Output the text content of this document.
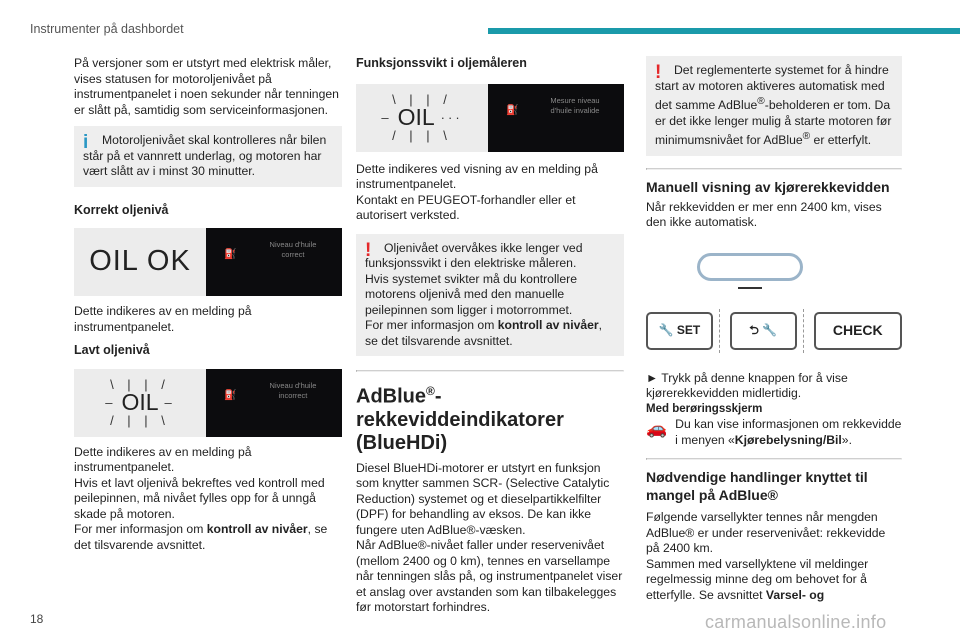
Instrumenter på dashbordet

På versjoner som er utstyrt med elektrisk måler, vises statusen for motoroljenivået på instrumentpanelet i noen sekunder når tenningen er slått på, samtidig som serviceinformasjonen.

i	Motoroljenivået skal kontrolleres når bilen står på et vannrett underlag, og motoren har vært slått av i minst 30 minutter.

Korrekt oljenivå

OIL OK	⛽
Niveau d'huile correct

Dette indikeres av en melding på instrumentpanelet.

Lavt oljenivå

\ | | /
– OIL –
/ | | \
⛽
Niveau d'huile incorrect

Dette indikeres av en melding på instrumentpanelet.

Hvis et lavt oljenivå bekreftes ved kontroll med peilepinnen, må nivået fylles opp for å unngå skade på motoren.

For mer informasjon om kontroll av nivåer, se det tilsvarende avsnittet.

Funksjonssvikt i oljemåleren

\ | | /
– OIL ···
/ | | \
⛽
Mesure niveau d'huile invalide

Dette indikeres ved visning av en melding på instrumentpanelet.

Kontakt en PEUGEOT-forhandler eller et autorisert verksted.

!	Oljenivået overvåkes ikke lenger ved funksjonssvikt i den elektriske måleren.

Hvis systemet svikter må du kontrollere motorens oljenivå med den manuelle peilepinnen som ligger i motorrommet.

For mer informasjon om kontroll av nivåer, se det tilsvarende avsnittet.

AdBlue®-
rekkeviddeindikatorer
(BlueHDi)

Diesel BlueHDi-motorer er utstyrt en funksjon som knytter sammen SCR- (Selective Catalytic Reduction) systemet og et dieselpartikkelfilter (DPF) for behandling av eksos. De kan ikke fungere uten AdBlue®-væsken.

Når AdBlue®-nivået faller under reservenivået (mellom 2400 og 0 km), tennes en varsellampe når tenningen slås på, og instrumentpanelet viser et anslag over avstanden som kan tilbakelegges før motorstart forhindres.

!	Det reglementerte systemet for å hindre start av motoren aktiveres automatisk med det samme AdBlue®-beholderen er tom. Da er det ikke lenger mulig å starte motoren før minimumsnivået for AdBlue® er etterfylt.

Manuell visning av kjørerekkevidden

Når rekkevidden er mer enn 2400 km, vises den ikke automatisk.

🔧
SET	⮌
🔧	CHECK

► Trykk på denne knappen for å vise kjørerekkevidden midlertidig.

Med berøringsskjerm

🚗 Du kan vise informasjonen om rekkevidde i menyen «Kjørebelysning/Bil».

Nødvendige handlinger knyttet til
mangel på AdBlue®

Følgende varsellykter tennes når mengden AdBlue® er under reservenivået: rekkevidde på 2400 km.

Sammen med varsellyktene vil meldinger regelmessig minne deg om behovet for å etterfylle. Se avsnittet Varsel- og

18	carmanualsonline.info
